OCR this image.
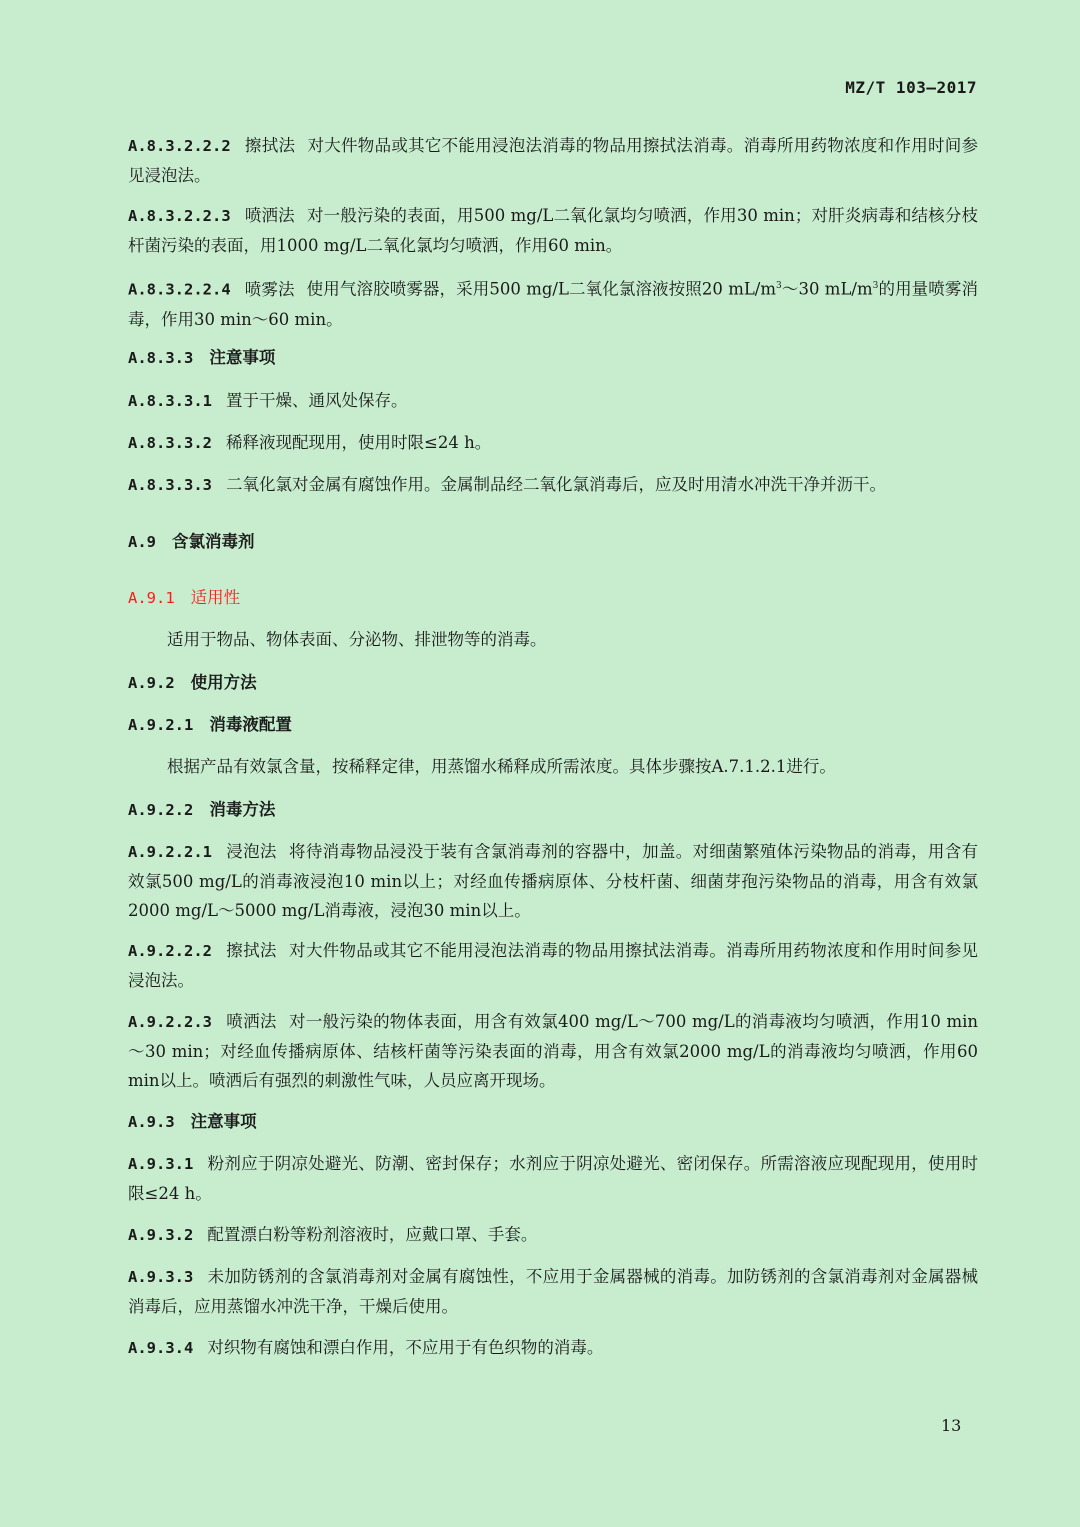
MZ/T 103—2017

A.8.3.2.2.2 擦拭法 对大件物品或其它不能用浸泡法消毒的物品用擦拭法消毒。消毒所用药物浓度和作用时间参见浸泡法。

A.8.3.2.2.3 喷洒法 对一般污染的表面，用500 mg/L二氧化氯均匀喷洒，作用30 min；对肝炎病毒和结核分枝杆菌污染的表面，用1000 mg/L二氧化氯均匀喷洒，作用60 min。

A.8.3.2.2.4 喷雾法 使用气溶胶喷雾器，采用500 mg/L二氧化氯溶液按照20 $mL/m^3\sim 30$ $mL/m^3$的用量喷雾消毒，作用30 min～60 min。

A.8.3.3 注意事项

A.8.3.3.1 置于干燥、通风处保存。

A.8.3.3.2 稀释液现配现用，使用时限≤24 h。

A.8.3.3.3 二氧化氯对金属有腐蚀作用。金属制品经二氧化氯消毒后，应及时用清水冲洗干净并沥干。

A.9 含氯消毒剂

A.9.1 适用性

适用于物品、物体表面、分泌物、排泄物等的消毒。

A.9.2 使用方法

A.9.2.1 消毒液配置

根据产品有效氯含量，按稀释定律，用蒸馏水稀释成所需浓度。具体步骤按A.7.1.2.1进行。

A.9.2.2 消毒方法

A.9.2.2.1 浸泡法 将待消毒物品浸没于装有含氯消毒剂的容器中，加盖。对细菌繁殖体污染物品的消毒，用含有效氯500 mg/L的消毒液浸泡10 min以上；对经血传播病原体、分枝杆菌、细菌芽孢污染物品的消毒，用含有效氯2000 mg/L～5000 mg/L消毒液，浸泡30 min以上。

A.9.2.2.2 擦拭法 对大件物品或其它不能用浸泡法消毒的物品用擦拭法消毒。消毒所用药物浓度和作用时间参见浸泡法。

A.9.2.2.3 喷洒法 对一般污染的物体表面，用含有效氯400 mg/L～700 mg/L的消毒液均匀喷洒，作用10 min～30 min；对经血传播病原体、结核杆菌等污染表面的消毒，用含有效氯2000 mg/L的消毒液均匀喷洒，作用60 min以上。喷洒后有强烈的刺激性气味，人员应离开现场。

A.9.3 注意事项

A.9.3.1 粉剂应于阴凉处避光、防潮、密封保存；水剂应于阴凉处避光、密闭保存。所需溶液应现配现用，使用时限≤24 h。

A.9.3.2 配置漂白粉等粉剂溶液时，应戴口罩、手套。

A.9.3.3 未加防锈剂的含氯消毒剂对金属有腐蚀性，不应用于金属器械的消毒。加防锈剂的含氯消毒剂对金属器械消毒后，应用蒸馏水冲洗干净，干燥后使用。

A.9.3.4 对织物有腐蚀和漂白作用，不应用于有色织物的消毒。

13
